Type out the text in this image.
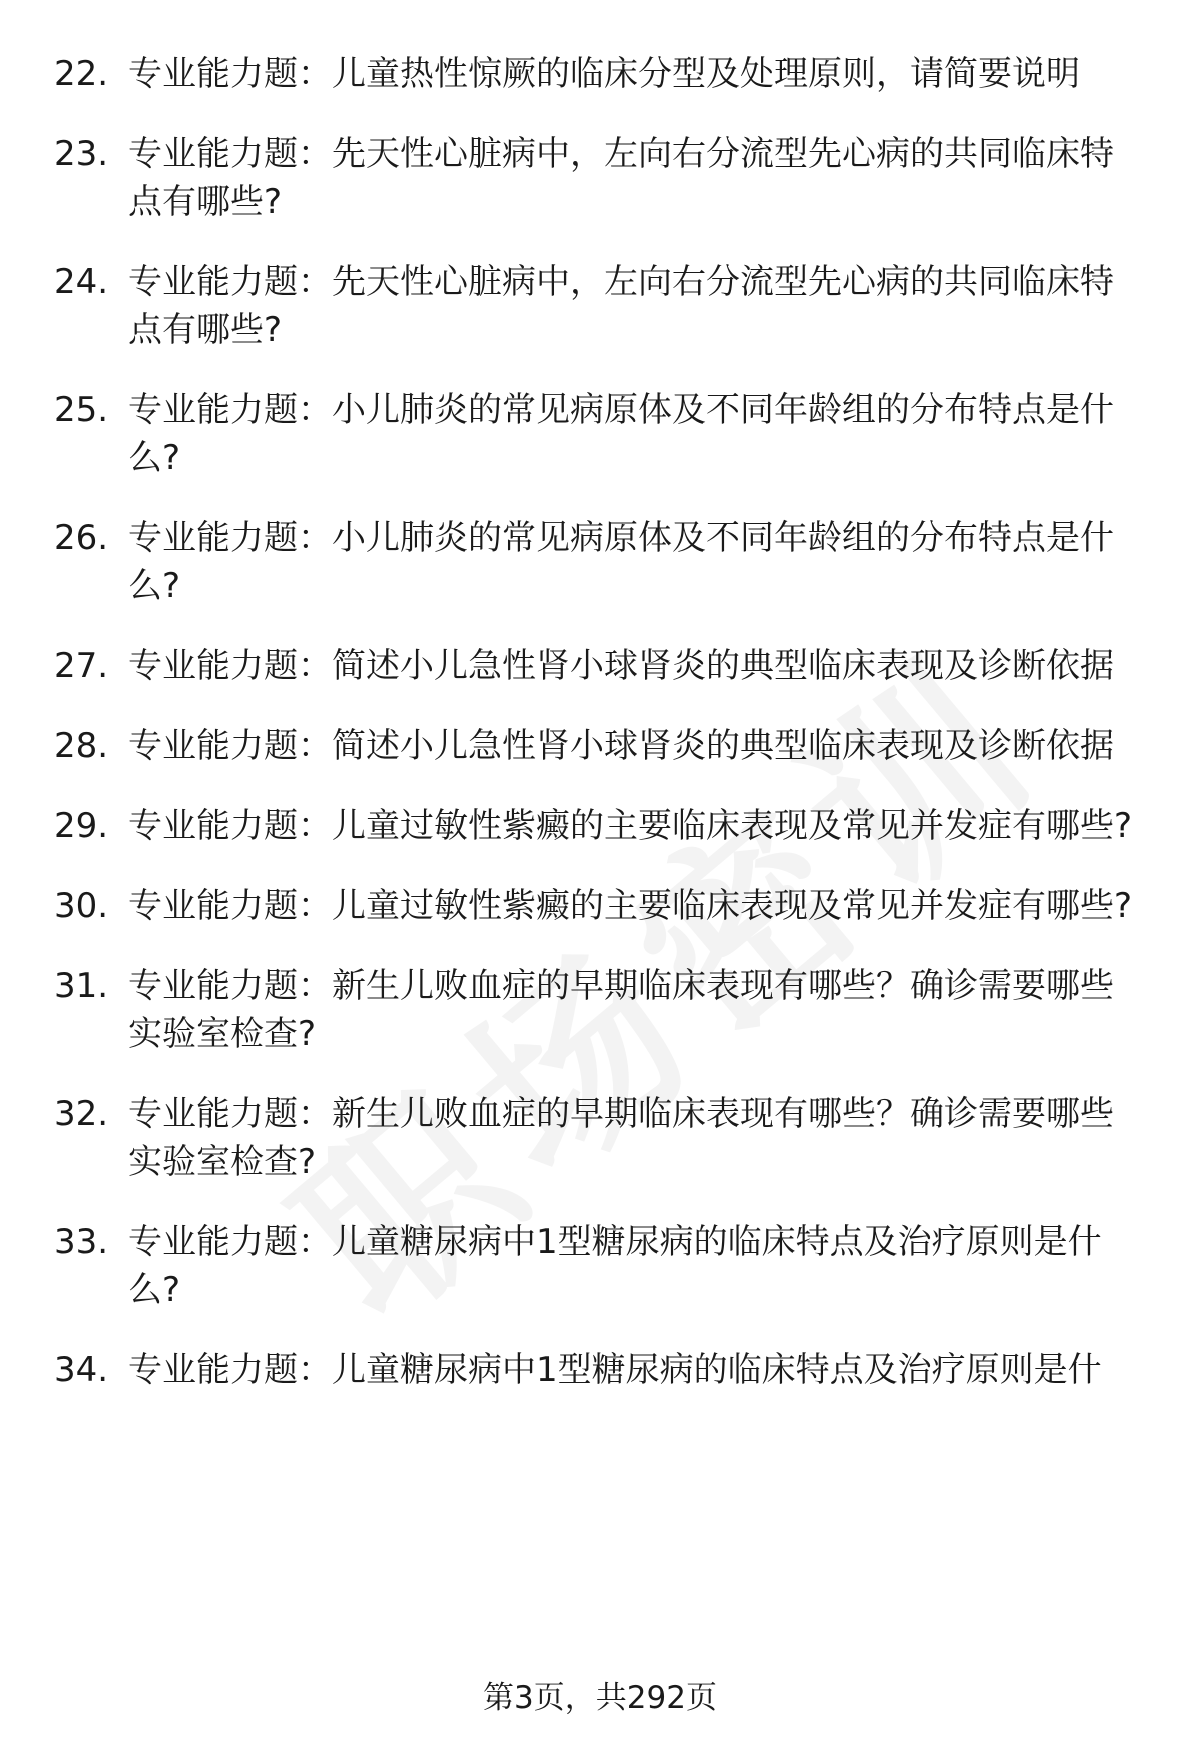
22. 专业能力题：儿童热性惊厥的临床分型及处理原则，请简要说明
23. 专业能力题：先天性心脏病中，左向右分流型先心病的共同临床特点有哪些?
24. 专业能力题：先天性心脏病中，左向右分流型先心病的共同临床特点有哪些?
25. 专业能力题：小儿肺炎的常见病原体及不同年龄组的分布特点是什么?
26. 专业能力题：小儿肺炎的常见病原体及不同年龄组的分布特点是什么?
27. 专业能力题：简述小儿急性肾小球肾炎的典型临床表现及诊断依据
28. 专业能力题：简述小儿急性肾小球肾炎的典型临床表现及诊断依据
29. 专业能力题：儿童过敏性紫癜的主要临床表现及常见并发症有哪些?
30. 专业能力题：儿童过敏性紫癜的主要临床表现及常见并发症有哪些?
31. 专业能力题：新生儿败血症的早期临床表现有哪些？确诊需要哪些实验室检查?
32. 专业能力题：新生儿败血症的早期临床表现有哪些？确诊需要哪些实验室检查?
33. 专业能力题：儿童糖尿病中1型糖尿病的临床特点及治疗原则是什么?
34. 专业能力题：儿童糖尿病中1型糖尿病的临床特点及治疗原则是什
第3页，共292页
